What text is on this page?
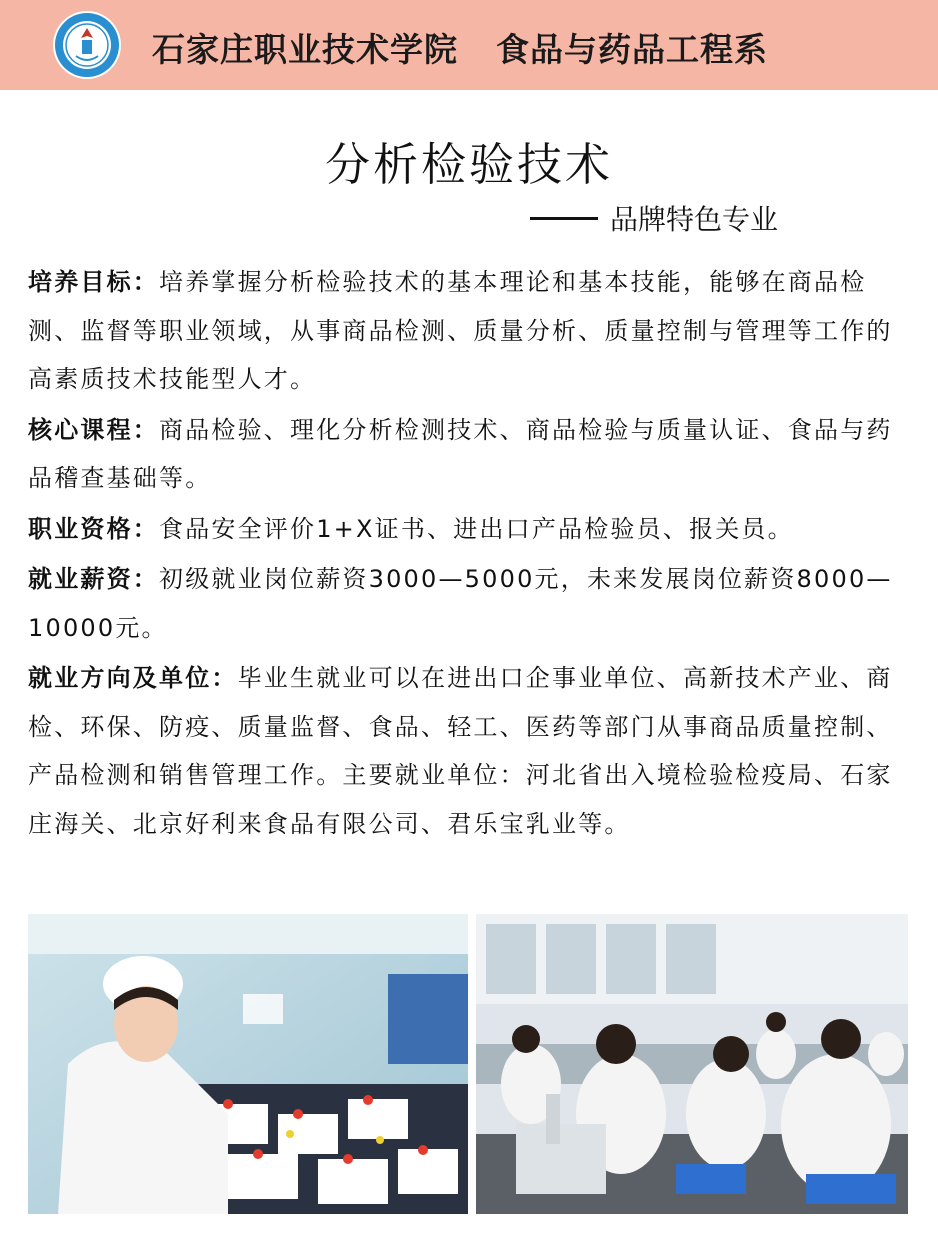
石家庄职业技术学院 食品与药品工程系
分析检验技术
品牌特色专业

培养目标：培养掌握分析检验技术的基本理论和基本技能，能够在商品检测、监督等职业领域，从事商品检测、质量分析、质量控制与管理等工作的高素质技术技能型人才。

核心课程：商品检验、理化分析检测技术、商品检验与质量认证、食品与药品稽查基础等。

职业资格：食品安全评价1+X证书、进出口产品检验员、报关员。

就业薪资：初级就业岗位薪资3000—5000元，未来发展岗位薪资8000—10000元。

就业方向及单位：毕业生就业可以在进出口企事业单位、高新技术产业、商检、环保、防疫、质量监督、食品、轻工、医药等部门从事商品质量控制、产品检测和销售管理工作。主要就业单位：河北省出入境检验检疫局、石家庄海关、北京好利来食品有限公司、君乐宝乳业等。
